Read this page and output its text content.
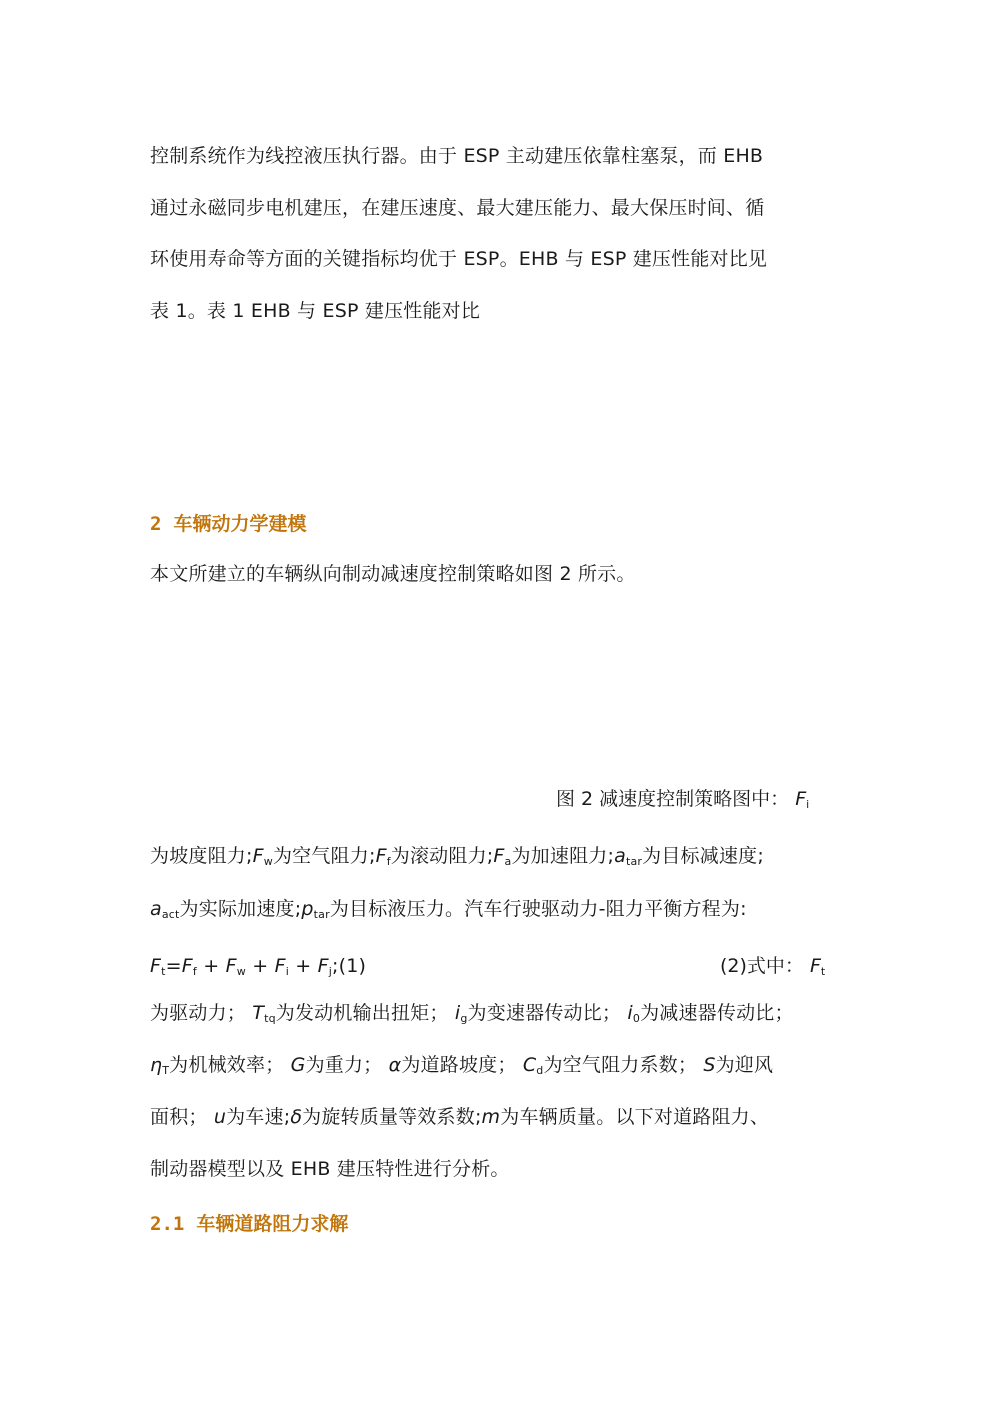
控制系统作为线控液压执行器。由于 ESP 主动建压依靠柱塞泵，而 EHB
通过永磁同步电机建压，在建压速度、最大建压能力、最大保压时间、循
环使用寿命等方面的关键指标均优于 ESP。EHB 与 ESP 建压性能对比见
表 1。表 1 EHB 与 ESP 建压性能对比
2 车辆动力学建模
本文所建立的车辆纵向制动减速度控制策略如图 2 所示。
图 2 减速度控制策略图中： $F_i$
为坡度阻力$;F_w$为空气阻力$;F_f$为滚动阻力$;F_a$为加速阻力$;a_{tar}$为目标减速度;
$a_{act}$为实际加速度$;p_{tar}$为目标液压力。汽车行驶驱动力-阻力平衡方程为:
$F_t=F_f + F_w + F_i$ + $F_j;(1)$	(2)式中： $F_t$
为驱动力； $T_{tq}$为发动机输出扭矩； $i_g$为变速器传动比； $i_0$为减速器传动比；
$\eta_T$为机械效率； G为重力； α为道路坡度； $C_d$为空气阻力系数； S为迎风
面积； u为车速;δ为旋转质量等效系数;m为车辆质量。以下对道路阻力、
制动器模型以及 EHB 建压特性进行分析。
2.1 车辆道路阻力求解
